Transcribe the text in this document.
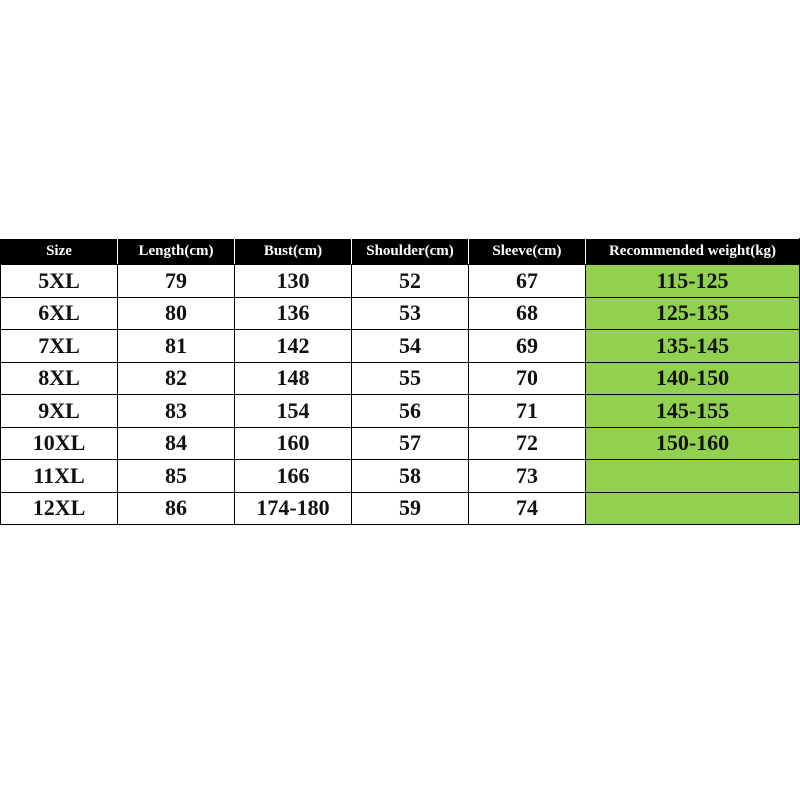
Size	Length(cm)	Bust(cm)	Shoulder(cm)	Sleeve(cm)	Recommended weight(kg)
5XL	79	130	52	67	115-125
6XL	80	136	53	68	125-135
7XL	81	142	54	69	135-145
8XL	82	148	55	70	140-150
9XL	83	154	56	71	145-155
10XL	84	160	57	72	150-160
11XL	85	166	58	73	
12XL	86	174-180	59	74	
